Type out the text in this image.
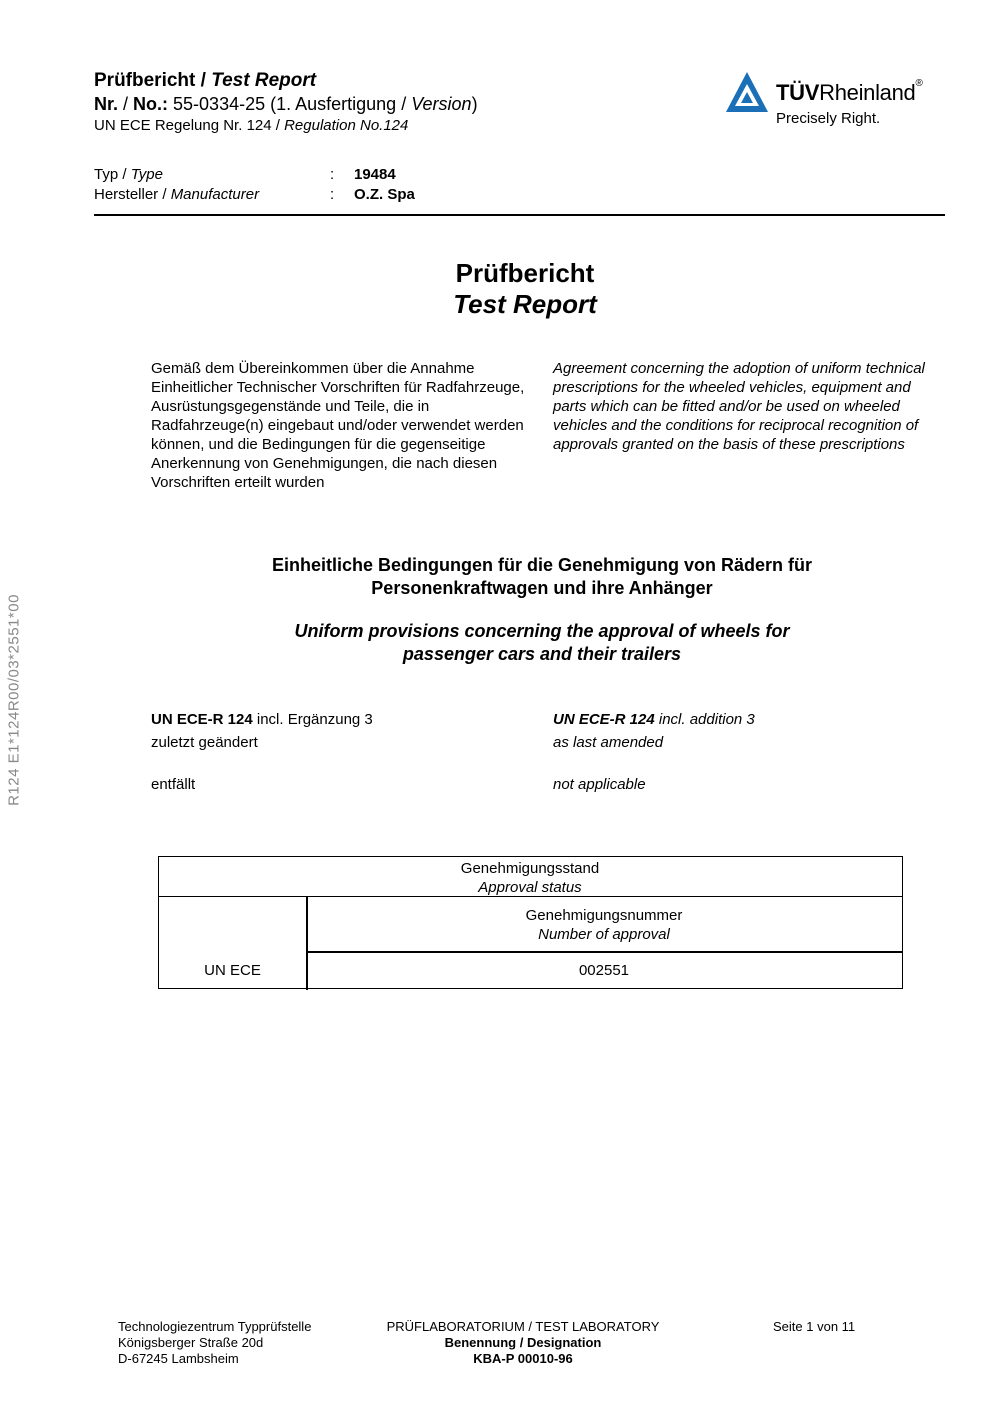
Prüfbericht / Test Report
Nr. / No.: 55-0334-25 (1. Ausfertigung / Version)
UN ECE Regelung Nr. 124 / Regulation No.124
TÜVRheinland®
Precisely Right.
Typ / Type	: 19484
Hersteller / Manufacturer	: O.Z. Spa
Prüfbericht
Test Report
Gemäß dem Übereinkommen über die Annahme Einheitlicher Technischer Vorschriften für Radfahrzeuge, Ausrüstungsgegenstände und Teile, die in Radfahrzeuge(n) eingebaut und/oder verwendet werden können, und die Bedingungen für die gegenseitige Anerkennung von Genehmigungen, die nach diesen Vorschriften erteilt wurden
Agreement concerning the adoption of uniform technical prescriptions for the wheeled vehicles, equipment and parts which can be fitted and/or be used on wheeled vehicles and the conditions for reciprocal recognition of approvals granted on the basis of these prescriptions
Einheitliche Bedingungen für die Genehmigung von Rädern für
Personenkraftwagen und ihre Anhänger
Uniform provisions concerning the approval of wheels for
passenger cars and their trailers
UN ECE-R 124 incl. Ergänzung 3	UN ECE-R 124 incl. addition 3
zuletzt geändert	as last amended
entfällt	not applicable
Genehmigungsstand
Approval status
Genehmigungsnummer
Number of approval
UN ECE	002551
Technologiezentrum Typprüfstelle
Königsberger Straße 20d
D-67245 Lambsheim
PRÜFLABORATORIUM / TEST LABORATORY
Benennung / Designation
KBA-P 00010-96
Seite 1 von 11
R124 E1*124R00/03*2551*00
